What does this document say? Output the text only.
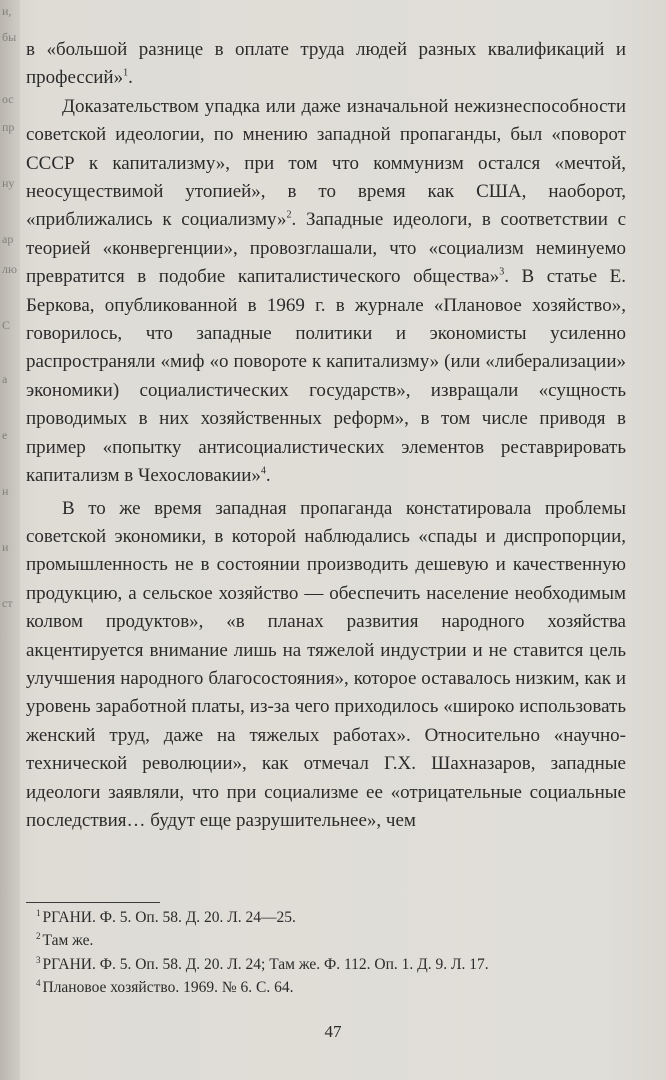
и,
бы
ос
пр
ну
ар
лю
С
а
е
н
и
ст

в «большой разнице в оплате труда людей разных квалификаций и профессий»$^1$.

Доказательством упадка или даже изначальной нежизнеспособности советской идеологии, по мнению западной пропаганды, был «поворот СССР к капитализму», при том что коммунизм остался «мечтой, неосуществимой утопией», в то время как США, наоборот, «приближались к социализму»$^2$. Западные идеологи, в соответствии с теорией «конвергенции», провозглашали, что «социализм неминуемо превратится в подобие капиталистического общества»$^3$. В статье Е. Беркова, опубликованной в 1969 г. в журнале «Плановое хозяйство», говорилось, что западные политики и экономисты усиленно распространяли «миф «о повороте к капитализму» (или «либерализации» экономики) социалистических государств», извращали «сущность проводимых в них хозяйственных реформ», в том числе приводя в пример «попытку антисоциалистических элементов реставрировать капитализм в Чехословакии»$^4$.

В то же время западная пропаганда констатировала проблемы советской экономики, в которой наблюдались «спады и диспропорции, промышленность не в состоянии производить дешевую и качественную продукцию, а сельское хозяйство — обеспечить население необходимым колвом продуктов», «в планах развития народного хозяйства акцентируется внимание лишь на тяжелой индустрии и не ставится цель улучшения народного благосостояния», которое оставалось низким, как и уровень заработной платы, из-за чего приходилось «широко использовать женский труд, даже на тяжелых работах». Относительно «научно-технической революции», как отмечал Г.Х. Шахназаров, западные идеологи заявляли, что при социализме ее «отрицательные социальные последствия… будут еще разрушительнее», чем

$^1$ РГАНИ. Ф. 5. Оп. 58. Д. 20. Л. 24—25.

$^2$ Там же.

$^3$ РГАНИ. Ф. 5. Оп. 58. Д. 20. Л. 24; Там же. Ф. 112. Оп. 1. Д. 9. Л. 17.

$^4$ Плановое хозяйство. 1969. № 6. С. 64.

47
